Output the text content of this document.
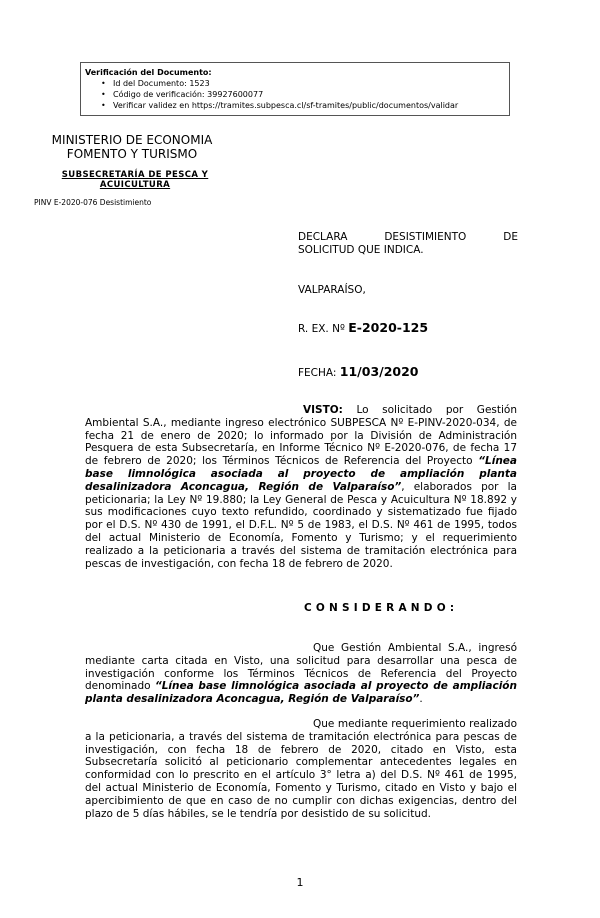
Verificación del Documento:
• Id del Documento: 1523
• Código de verificación: 39927600077
• Verificar validez en https://tramites.subpesca.cl/sf-tramites/public/documentos/validar
MINISTERIO DE ECONOMIA
FOMENTO Y TURISMO
SUBSECRETARÍA DE PESCA Y
ACUICULTURA
PINV E-2020-076 Desistimiento
DECLARA	DESISTIMIENTO	DE
SOLICITUD QUE INDICA.
VALPARAÍSO,
R. EX. Nº E-2020-125
FECHA: 11/03/2020
VISTO: Lo solicitado por Gestión Ambiental S.A., mediante ingreso electrónico SUBPESCA Nº E-PINV-2020-034, de fecha 21 de enero de 2020; lo informado por la División de Administración Pesquera de esta Subsecretaría, en Informe Técnico Nº E-2020-076, de fecha 17 de febrero de 2020; los Términos Técnicos de Referencia del Proyecto “Línea base limnológica asociada al proyecto de ampliación planta desalinizadora Aconcagua, Región de Valparaíso”, elaborados por la peticionaria; la Ley Nº 19.880; la Ley General de Pesca y Acuicultura Nº 18.892 y sus modificaciones cuyo texto refundido, coordinado y sistematizado fue fijado por el D.S. Nº 430 de 1991, el D.F.L. Nº 5 de 1983, el D.S. Nº 461 de 1995, todos del actual Ministerio de Economía, Fomento y Turismo; y el requerimiento realizado a la peticionaria a través del sistema de tramitación electrónica para pescas de investigación, con fecha 18 de febrero de 2020.
CONSIDERANDO:
Que Gestión Ambiental S.A., ingresó mediante carta citada en Visto, una solicitud para desarrollar una pesca de investigación conforme los Términos Técnicos de Referencia del Proyecto denominado “Línea base limnológica asociada al proyecto de ampliación planta desalinizadora Aconcagua, Región de Valparaíso”.
Que mediante requerimiento realizado a la peticionaria, a través del sistema de tramitación electrónica para pescas de investigación, con fecha 18 de febrero de 2020, citado en Visto, esta Subsecretaría solicitó al peticionario complementar antecedentes legales en conformidad con lo prescrito en el artículo 3° letra a) del D.S. Nº 461 de 1995, del actual Ministerio de Economía, Fomento y Turismo, citado en Visto y bajo el apercibimiento de que en caso de no cumplir con dichas exigencias, dentro del plazo de 5 días hábiles, se le tendría por desistido de su solicitud.
1
